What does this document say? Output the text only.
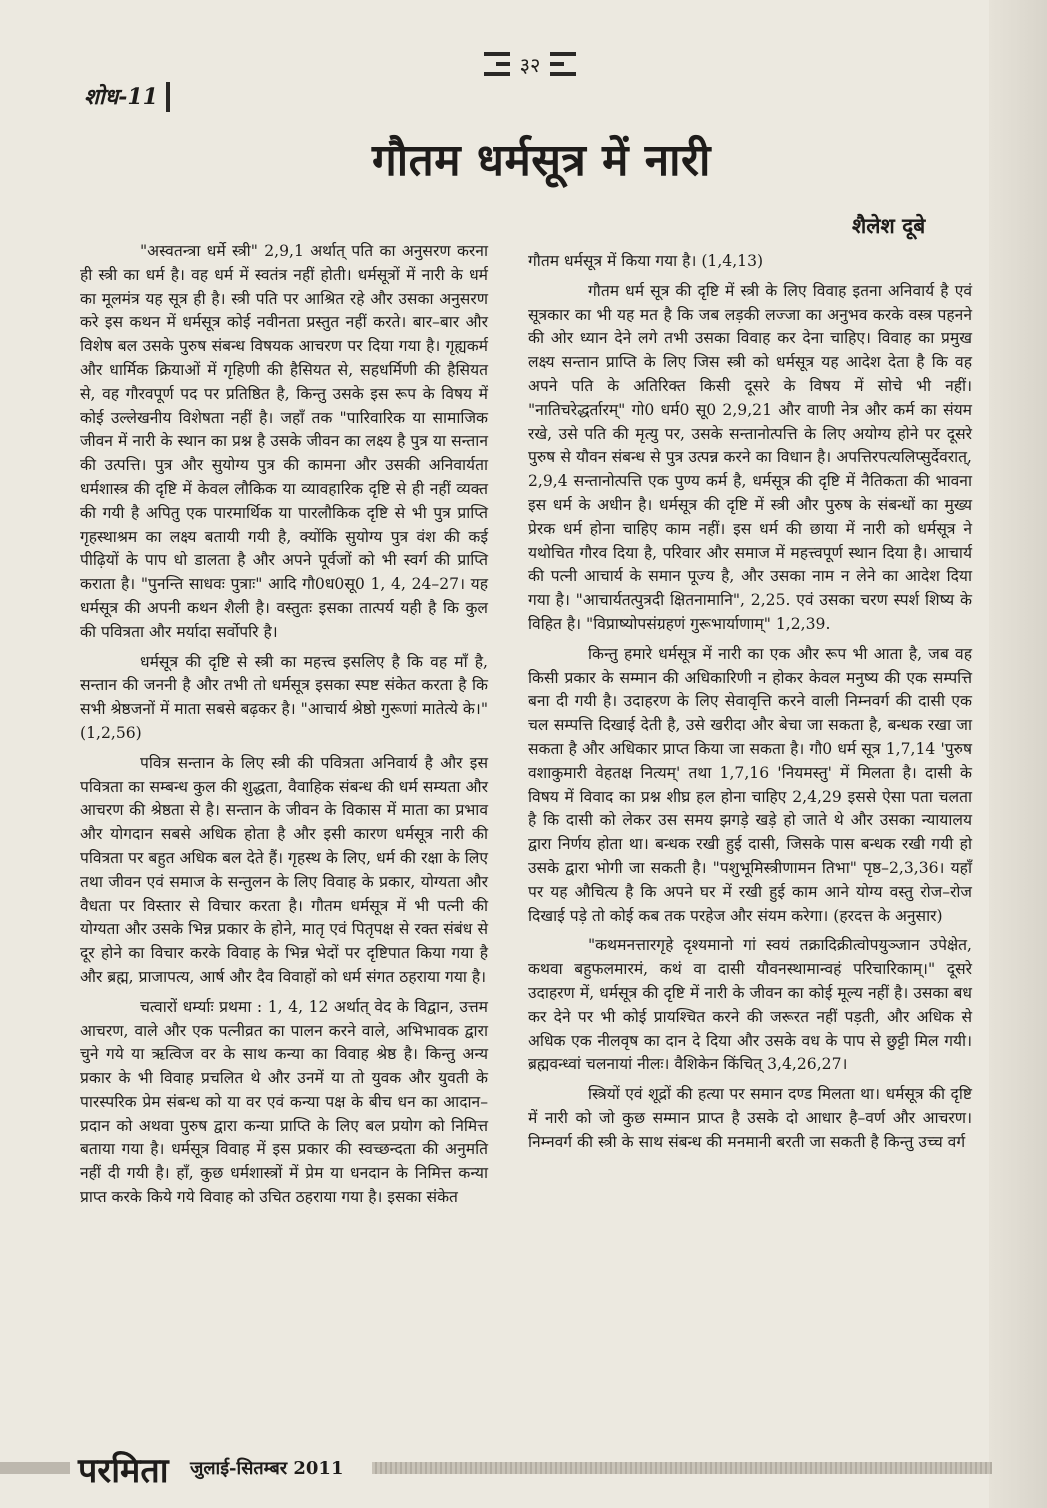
३२
शोध-11
गौतम धर्मसूत्र में नारी
शैलेश दूबे

"अस्वतन्त्रा धर्मे स्त्री" 2,9,1 अर्थात् पति का अनुसरण करना ही स्त्री का धर्म है। वह धर्म में स्वतंत्र नहीं होती। धर्मसूत्रों में नारी के धर्म का मूलमंत्र यह सूत्र ही है। स्त्री पति पर आश्रित रहे और उसका अनुसरण करे इस कथन में धर्मसूत्र कोई नवीनता प्रस्तुत नहीं करते। बार–बार और विशेष बल उसके पुरुष संबन्ध विषयक आचरण पर दिया गया है। गृह्यकर्म और धार्मिक क्रियाओं में गृहिणी की हैसियत से, सहधर्मिणी की हैसियत से, वह गौरवपूर्ण पद पर प्रतिष्ठित है, किन्तु उसके इस रूप के विषय में कोई उल्लेखनीय विशेषता नहीं है। जहाँ तक "पारिवारिक या सामाजिक जीवन में नारी के स्थान का प्रश्न है उसके जीवन का लक्ष्य है पुत्र या सन्तान की उत्पत्ति। पुत्र और सुयोग्य पुत्र की कामना और उसकी अनिवार्यता धर्मशास्त्र की दृष्टि में केवल लौकिक या व्यावहारिक दृष्टि से ही नहीं व्यक्त की गयी है अपितु एक पारमार्थिक या पारलौकिक दृष्टि से भी पुत्र प्राप्ति गृहस्थाश्रम का लक्ष्य बतायी गयी है, क्योंकि सुयोग्य पुत्र वंश की कई पीढ़ियों के पाप धो डालता है और अपने पूर्वजों को भी स्वर्ग की प्राप्ति कराता है। "पुनन्ति साधवः पुत्राः" आदि गौ0ध0सू0 1, 4, 24–27। यह धर्मसूत्र की अपनी कथन शैली है। वस्तुतः इसका तात्पर्य यही है कि कुल की पवित्रता और मर्यादा सर्वोपरि है।

धर्मसूत्र की दृष्टि से स्त्री का महत्त्व इसलिए है कि वह माँ है, सन्तान की जननी है और तभी तो धर्मसूत्र इसका स्पष्ट संकेत करता है कि सभी श्रेष्ठजनों में माता सबसे बढ़कर है। "आचार्य श्रेष्ठो गुरूणां मातेत्ये के।" (1,2,56)

पवित्र सन्तान के लिए स्त्री की पवित्रता अनिवार्य है और इस पवित्रता का सम्बन्ध कुल की शुद्धता, वैवाहिक संबन्ध की धर्म सम्यता और आचरण की श्रेष्ठता से है। सन्तान के जीवन के विकास में माता का प्रभाव और योगदान सबसे अधिक होता है और इसी कारण धर्मसूत्र नारी की पवित्रता पर बहुत अधिक बल देते हैं। गृहस्थ के लिए, धर्म की रक्षा के लिए तथा जीवन एवं समाज के सन्तुलन के लिए विवाह के प्रकार, योग्यता और वैधता पर विस्तार से विचार करता है। गौतम धर्मसूत्र में भी पत्नी की योग्यता और उसके भिन्न प्रकार के होने, मातृ एवं पितृपक्ष से रक्त संबंध से दूर होने का विचार करके विवाह के भिन्न भेदों पर दृष्टिपात किया गया है और ब्रह्म, प्राजापत्य, आर्ष और दैव विवाहों को धर्म संगत ठहराया गया है।

चत्वारों धर्म्याः प्रथमा : 1, 4, 12 अर्थात् वेद के विद्वान, उत्तम आचरण, वाले और एक पत्नीव्रत का पालन करने वाले, अभिभावक द्वारा चुने गये या ऋत्विज वर के साथ कन्या का विवाह श्रेष्ठ है। किन्तु अन्य प्रकार के भी विवाह प्रचलित थे और उनमें या तो युवक और युवती के पारस्परिक प्रेम संबन्ध को या वर एवं कन्या पक्ष के बीच धन का आदान–प्रदान को अथवा पुरुष द्वारा कन्या प्राप्ति के लिए बल प्रयोग को निमित्त बताया गया है। धर्मसूत्र विवाह में इस प्रकार की स्वच्छन्दता की अनुमति नहीं दी गयी है। हाँ, कुछ धर्मशास्त्रों में प्रेम या धनदान के निमित्त कन्या प्राप्त करके किये गये विवाह को उचित ठहराया गया है। इसका संकेत

गौतम धर्मसूत्र में किया गया है। (1,4,13)

गौतम धर्म सूत्र की दृष्टि में स्त्री के लिए विवाह इतना अनिवार्य है एवं सूत्रकार का भी यह मत है कि जब लड़की लज्जा का अनुभव करके वस्त्र पहनने की ओर ध्यान देने लगे तभी उसका विवाह कर देना चाहिए। विवाह का प्रमुख लक्ष्य सन्तान प्राप्ति के लिए जिस स्त्री को धर्मसूत्र यह आदेश देता है कि वह अपने पति के अतिरिक्त किसी दूसरे के विषय में सोचे भी नहीं। "नातिचरेद्धर्तारम्" गो0 धर्म0 सू0 2,9,21 और वाणी नेत्र और कर्म का संयम रखे, उसे पति की मृत्यु पर, उसके सन्तानोत्पत्ति के लिए अयोग्य होने पर दूसरे पुरुष से यौवन संबन्ध से पुत्र उत्पन्न करने का विधान है। अपत्तिरपत्यलिप्सुर्देवरात्, 2,9,4 सन्तानोत्पत्ति एक पुण्य कर्म है, धर्मसूत्र की दृष्टि में नैतिकता की भावना इस धर्म के अधीन है। धर्मसूत्र की दृष्टि में स्त्री और पुरुष के संबन्धों का मुख्य प्रेरक धर्म होना चाहिए काम नहीं। इस धर्म की छाया में नारी को धर्मसूत्र ने यथोचित गौरव दिया है, परिवार और समाज में महत्त्वपूर्ण स्थान दिया है। आचार्य की पत्नी आचार्य के समान पूज्य है, और उसका नाम न लेने का आदेश दिया गया है। "आचार्यतत्पुत्रदी क्षितनामानि", 2,25. एवं उसका चरण स्पर्श शिष्य के विहित है। "विप्राष्योपसंग्रहणं गुरूभार्याणाम्" 1,2,39.

किन्तु हमारे धर्मसूत्र में नारी का एक और रूप भी आता है, जब वह किसी प्रकार के सम्मान की अधिकारिणी न होकर केवल मनुष्य की एक सम्पत्ति बना दी गयी है। उदाहरण के लिए सेवावृत्ति करने वाली निम्नवर्ग की दासी एक चल सम्पत्ति दिखाई देती है, उसे खरीदा और बेचा जा सकता है, बन्धक रखा जा सकता है और अधिकार प्राप्त किया जा सकता है। गौ0 धर्म सूत्र 1,7,14 'पुरुष वशाकुमारी वेहतक्ष नित्यम्' तथा 1,7,16 'नियमस्तु' में मिलता है। दासी के विषय में विवाद का प्रश्न शीघ्र हल होना चाहिए 2,4,29 इससे ऐसा पता चलता है कि दासी को लेकर उस समय झगड़े खड़े हो जाते थे और उसका न्यायालय द्वारा निर्णय होता था। बन्धक रखी हुई दासी, जिसके पास बन्धक रखी गयी हो उसके द्वारा भोगी जा सकती है। "पशुभूमिस्त्रीणामन तिभा" पृष्ठ–2,3,36। यहाँ पर यह औचित्य है कि अपने घर में रखी हुई काम आने योग्य वस्तु रोज–रोज दिखाई पड़े तो कोई कब तक परहेज और संयम करेगा। (हरदत्त के अनुसार)

"कथमनत्तारगृहे दृश्यमानो गां स्वयं तक्रादिक्रीत्वोपयुञ्जान उपेक्षेत, कथवा बहुफलमारमं, कथं वा दासी यौवनस्थामान्वहं परिचारिकाम्।" दूसरे उदाहरण में, धर्मसूत्र की दृष्टि में नारी के जीवन का कोई मूल्य नहीं है। उसका बध कर देने पर भी कोई प्रायश्चित करने की जरूरत नहीं पड़ती, और अधिक से अधिक एक नीलवृष का दान दे दिया और उसके वध के पाप से छुट्टी मिल गयी। ब्रह्मवन्ध्वां चलनायां नीलः। वैशिकेन किंचित् 3,4,26,27।

स्त्रियों एवं शूद्रों की हत्या पर समान दण्ड मिलता था। धर्मसूत्र की दृष्टि में नारी को जो कुछ सम्मान प्राप्त है उसके दो आधार है–वर्ण और आचरण। निम्नवर्ग की स्त्री के साथ संबन्ध की मनमानी बरती जा सकती है किन्तु उच्च वर्ग

परमिता जुलाई-सितम्बर 2011
